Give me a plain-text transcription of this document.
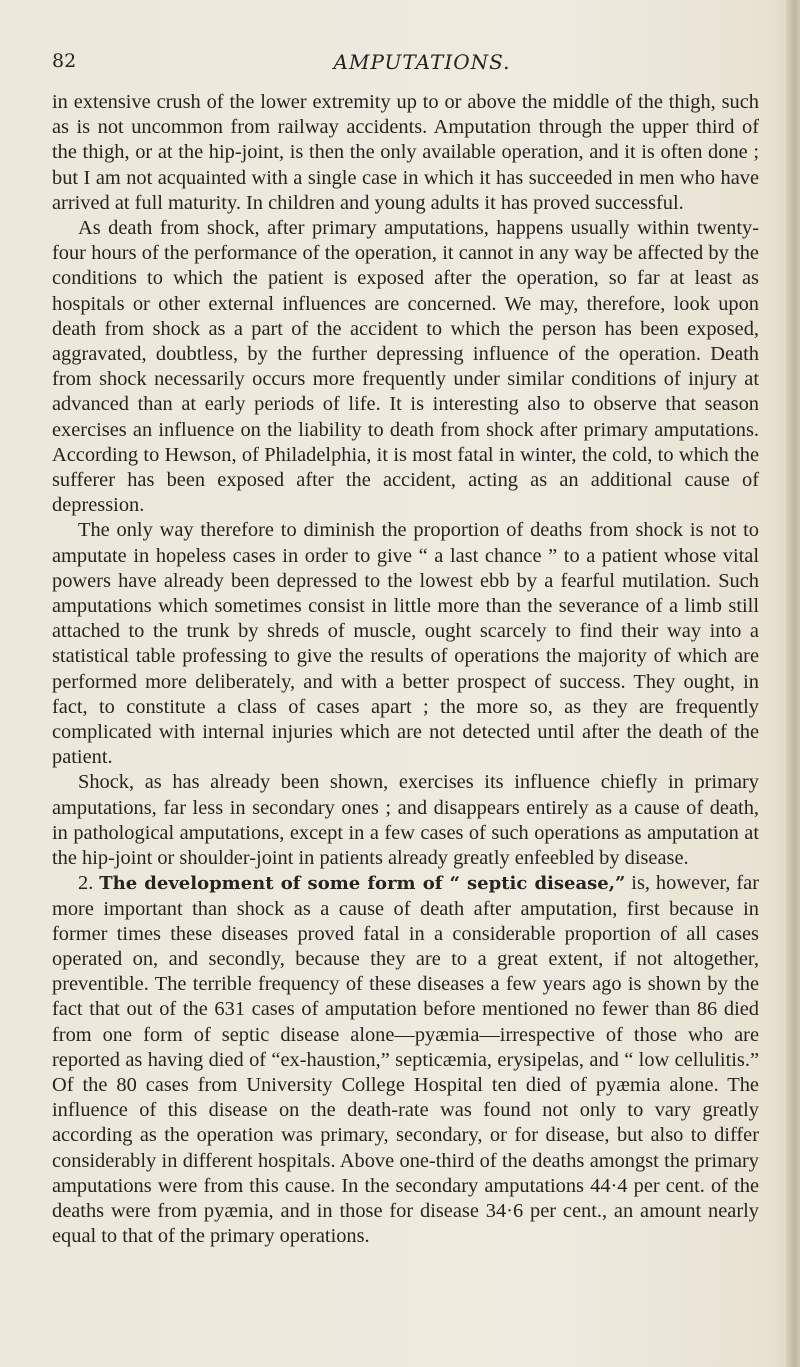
82	AMPUTATIONS.

in extensive crush of the lower extremity up to or above the middle of the thigh, such as is not uncommon from railway accidents. Amputation through the upper third of the thigh, or at the hip-joint, is then the only available operation, and it is often done ; but I am not acquainted with a single case in which it has succeeded in men who have arrived at full maturity. In children and young adults it has proved successful.

As death from shock, after primary amputations, happens usually within twenty-four hours of the performance of the operation, it cannot in any way be affected by the conditions to which the patient is exposed after the operation, so far at least as hospitals or other external influences are concerned. We may, therefore, look upon death from shock as a part of the accident to which the person has been exposed, aggravated, doubtless, by the further depressing influence of the operation. Death from shock necessarily occurs more frequently under similar conditions of injury at advanced than at early periods of life. It is interesting also to observe that season exercises an influence on the liability to death from shock after primary amputations. According to Hewson, of Philadelphia, it is most fatal in winter, the cold, to which the sufferer has been exposed after the accident, acting as an additional cause of depression.

The only way therefore to diminish the proportion of deaths from shock is not to amputate in hopeless cases in order to give “ a last chance ” to a patient whose vital powers have already been depressed to the lowest ebb by a fearful mutilation. Such amputations which sometimes consist in little more than the severance of a limb still attached to the trunk by shreds of muscle, ought scarcely to find their way into a statistical table professing to give the results of operations the majority of which are performed more deliberately, and with a better prospect of success. They ought, in fact, to constitute a class of cases apart ; the more so, as they are frequently complicated with internal injuries which are not detected until after the death of the patient.

Shock, as has already been shown, exercises its influence chiefly in primary amputations, far less in secondary ones ; and disappears entirely as a cause of death, in pathological amputations, except in a few cases of such operations as amputation at the hip-joint or shoulder-joint in patients already greatly enfeebled by disease.

2. The development of some form of “ septic disease,” is, however, far more important than shock as a cause of death after amputation, first because in former times these diseases proved fatal in a considerable proportion of all cases operated on, and secondly, because they are to a great extent, if not altogether, preventible. The terrible frequency of these diseases a few years ago is shown by the fact that out of the 631 cases of amputation before mentioned no fewer than 86 died from one form of septic disease alone—pyæmia—irrespective of those who are reported as having died of “ex-haustion,” septicæmia, erysipelas, and “ low cellulitis.” Of the 80 cases from University College Hospital ten died of pyæmia alone. The influence of this disease on the death-rate was found not only to vary greatly according as the operation was primary, secondary, or for disease, but also to differ considerably in different hospitals. Above one-third of the deaths amongst the primary amputations were from this cause. In the secondary amputations 44·4 per cent. of the deaths were from pyæmia, and in those for disease 34·6 per cent., an amount nearly equal to that of the primary operations.
